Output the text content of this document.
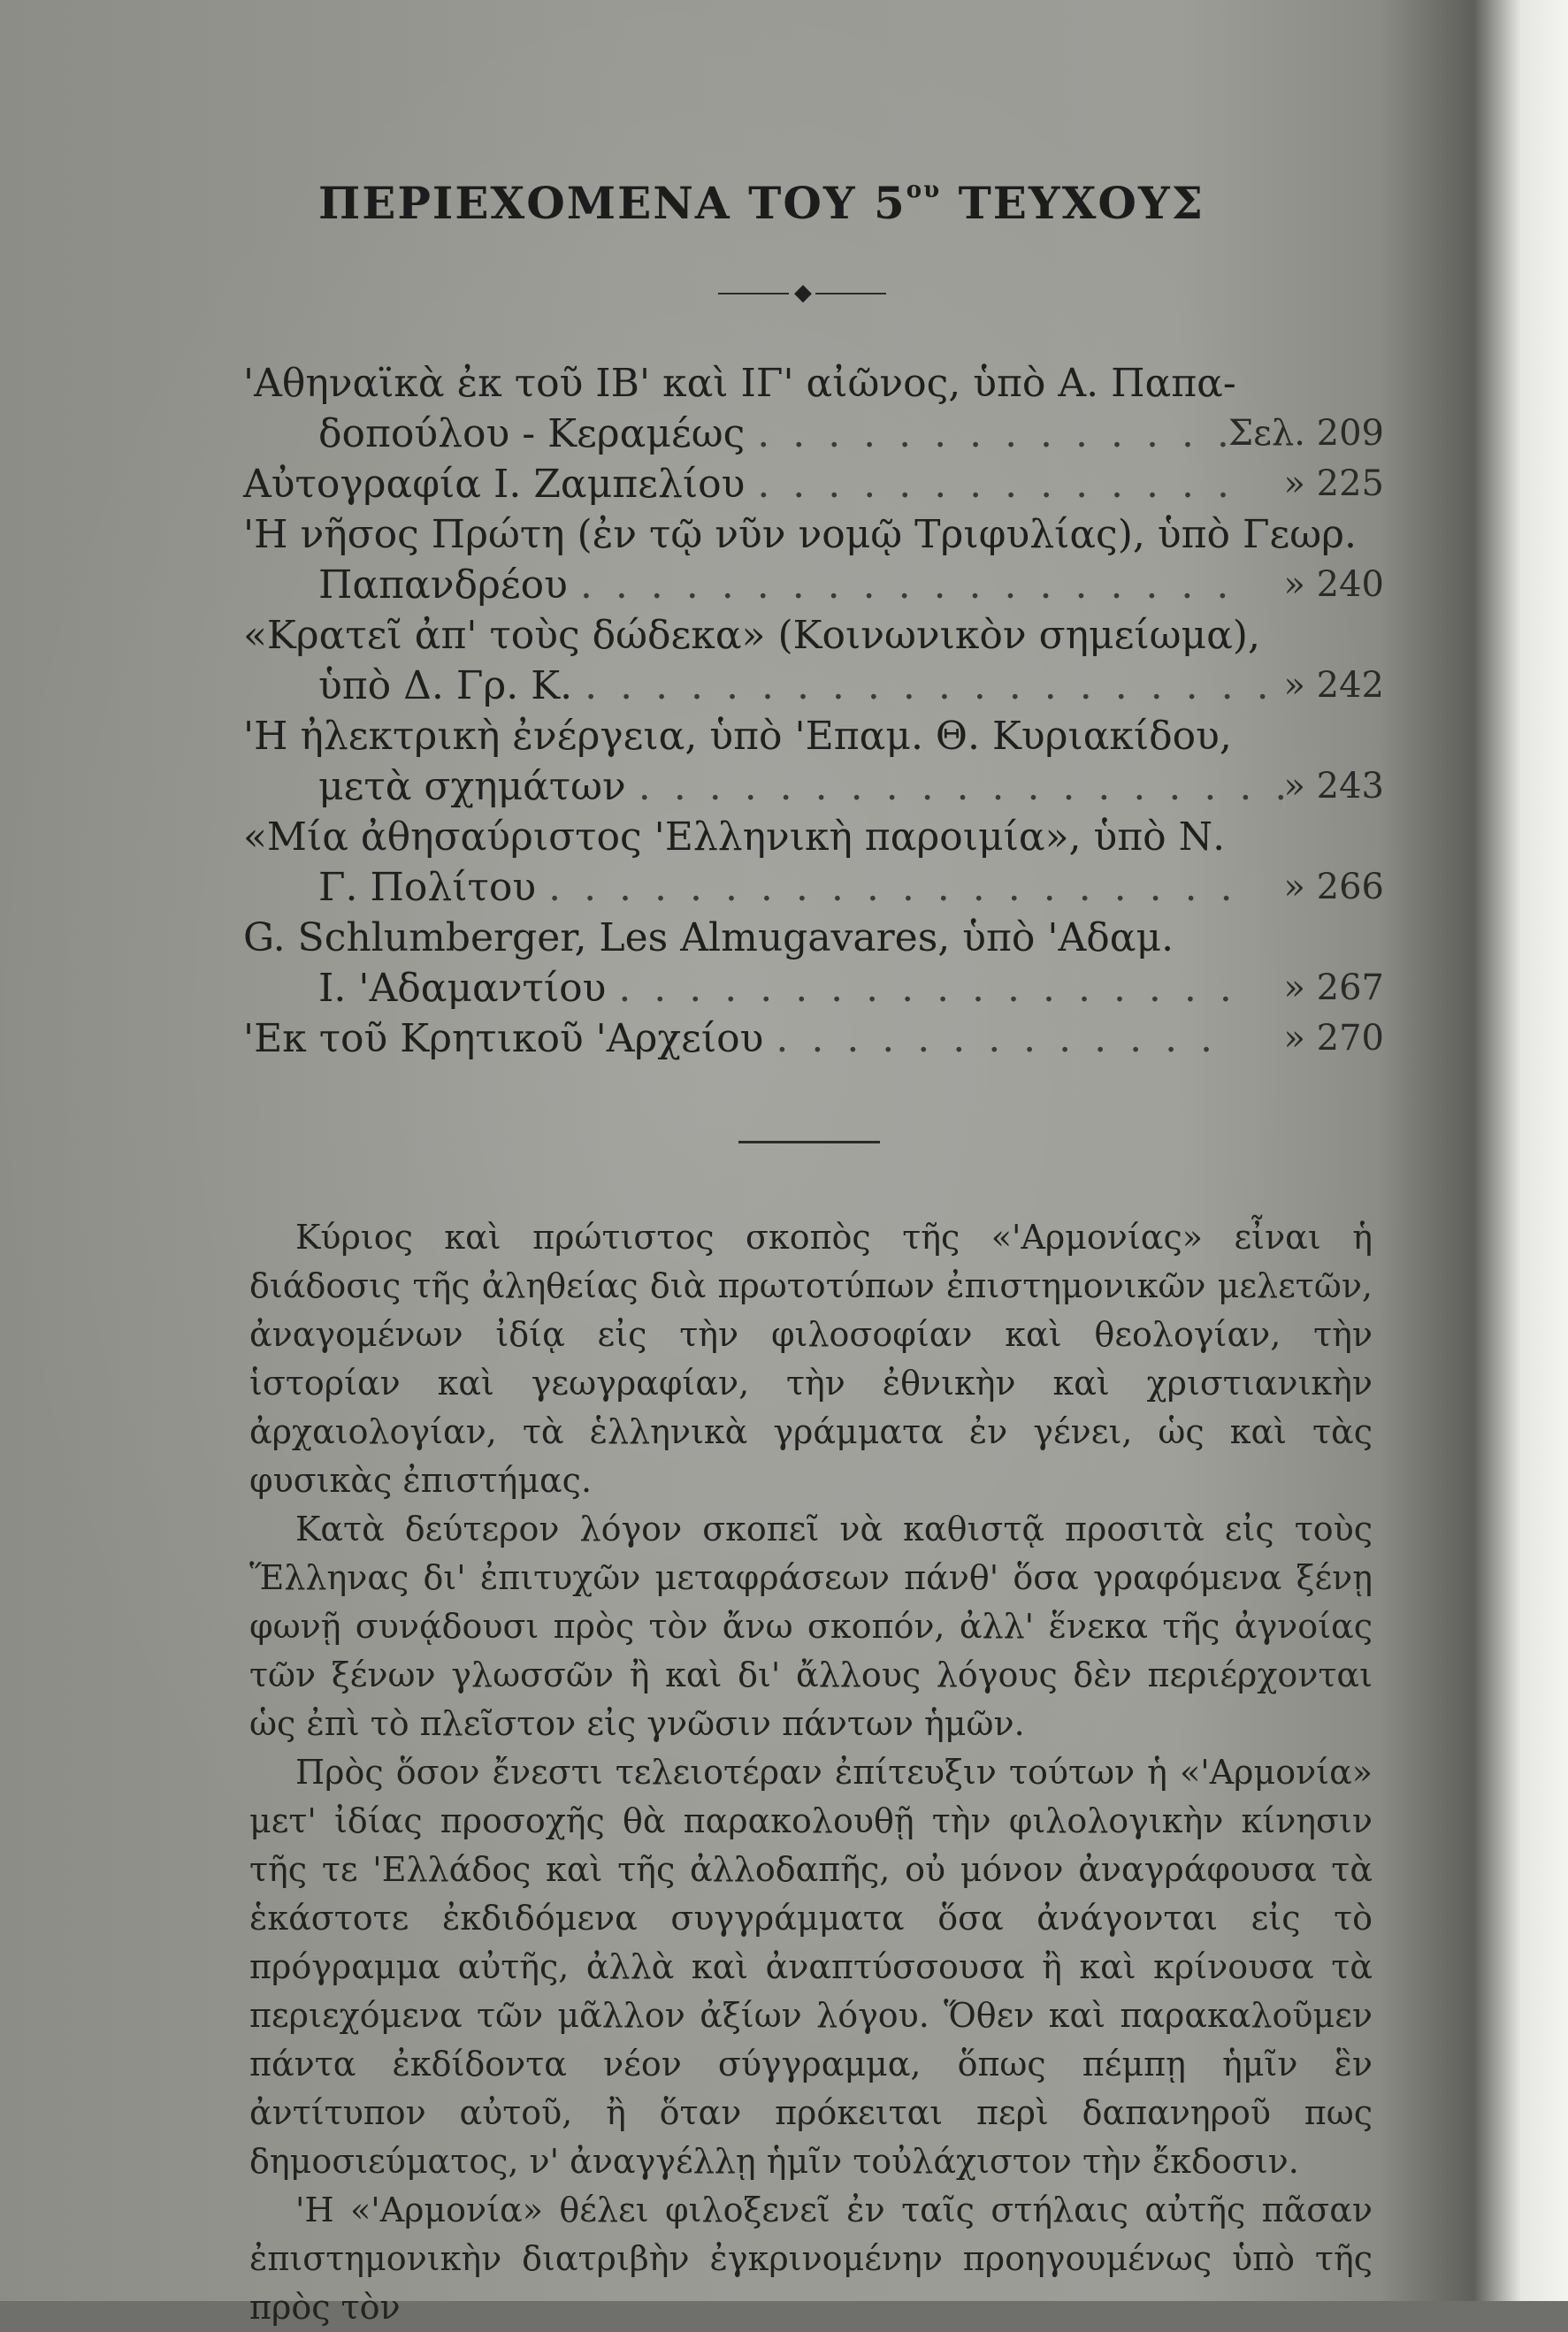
ΠΕΡΙΕΧΟΜΕΝΑ ΤΟΥ $5^{o\upsilon}$ ΤΕΥΧΟΥΣ
◆
'Αθηναϊκὰ ἐκ τοῦ ΙΒ' καὶ ΙΓ' αἰῶνος, ὑπὸ Α. Παπα-
δοπούλου - Κεραμέως . . . . . . . . . . . . . .
Σελ. 209
Αὐτογραφία Ι. Ζαμπελίου . . . . . . . . . . . . . . » 225
'Η νῆσος Πρώτη (ἐν τῷ νῦν νομῷ Τριφυλίας), ὑπὸ Γεωρ.
Παπανδρέου . . . . . . . . . . . . . . . . . . . » 240
«Κρατεῖ ἀπ' τοὺς δώδεκα» (Κοινωνικὸν σημείωμα),
ὑπὸ Δ. Γρ. Κ. . . . . . . . . . . . . . . . . . . . . » 242
'Η ἠλεκτρικὴ ἐνέργεια, ὑπὸ 'Επαμ. Θ. Κυριακίδου,
μετὰ σχημάτων . . . . . . . . . . . . . . . . . . .
» 243
«Μία ἀθησαύριστος 'Ελληνικὴ παροιμία», ὑπὸ Ν.
Γ. Πολίτου . . . . . . . . . . . . . . . . . . . . » 266
G. Schlumberger, Les Almugavares, ὑπὸ 'Αδαμ.
Ι. 'Αδαμαντίου . . . . . . . . . . . . . . . . . . » 267
'Εκ τοῦ Κρητικοῦ 'Αρχείου . . . . . . . . . . . . . » 270

Κύριος καὶ πρώτιστος σκοπὸς τῆς «'Αρμονίας» εἶναι ἡ διάδοσις τῆς ἀληθείας διὰ πρωτοτύπων ἐπιστημονικῶν μελετῶν, ἀναγομένων ἰδίᾳ εἰς τὴν φιλοσοφίαν καὶ θεολογίαν, τὴν ἱστορίαν καὶ γεωγραφίαν, τὴν ἐθνικὴν καὶ χριστιανικὴν ἀρχαιολογίαν, τὰ ἑλληνικὰ γράμματα ἐν γένει, ὡς καὶ τὰς φυσικὰς ἐπιστήμας.

Κατὰ δεύτερον λόγον σκοπεῖ νὰ καθιστᾷ προσιτὰ εἰς τοὺς Ἕλληνας δι' ἐπιτυχῶν μεταφράσεων πάνθ' ὅσα γραφόμενα ξένῃ φωνῇ συνᾴδουσι πρὸς τὸν ἄνω σκοπόν, ἀλλ' ἕνεκα τῆς ἀγνοίας τῶν ξένων γλωσσῶν ἢ καὶ δι' ἄλλους λόγους δὲν περιέρχονται ὡς ἐπὶ τὸ πλεῖστον εἰς γνῶσιν πάντων ἡμῶν.

Πρὸς ὅσον ἔνεστι τελειοτέραν ἐπίτευξιν τούτων ἡ «'Αρμονία» μετ' ἰδίας προσοχῆς θὰ παρακολουθῇ τὴν φιλολογικὴν κίνησιν τῆς τε 'Ελλάδος καὶ τῆς ἀλλοδαπῆς, οὐ μόνον ἀναγράφουσα τὰ ἑκάστοτε ἐκδιδόμενα συγγράμματα ὅσα ἀνάγονται εἰς τὸ πρόγραμμα αὐτῆς, ἀλλὰ καὶ ἀναπτύσσουσα ἢ καὶ κρίνουσα τὰ περιεχόμενα τῶν μᾶλλον ἀξίων λόγου. Ὅθεν καὶ παρακαλοῦμεν πάντα ἐκδίδοντα νέον σύγγραμμα, ὅπως πέμπῃ ἡμῖν ἓν ἀντίτυπον αὐτοῦ, ἢ ὅταν πρόκειται περὶ δαπανηροῦ πως δημοσιεύματος, ν' ἀναγγέλλῃ ἡμῖν τοὐλάχιστον τὴν ἔκδοσιν.

'Η «'Αρμονία» θέλει φιλοξενεῖ ἐν ταῖς στήλαις αὐτῆς πᾶσαν ἐπιστημονικὴν διατριβὴν ἐγκρινομένην προηγουμένως ὑπὸ τῆς πρὸς τὸν
